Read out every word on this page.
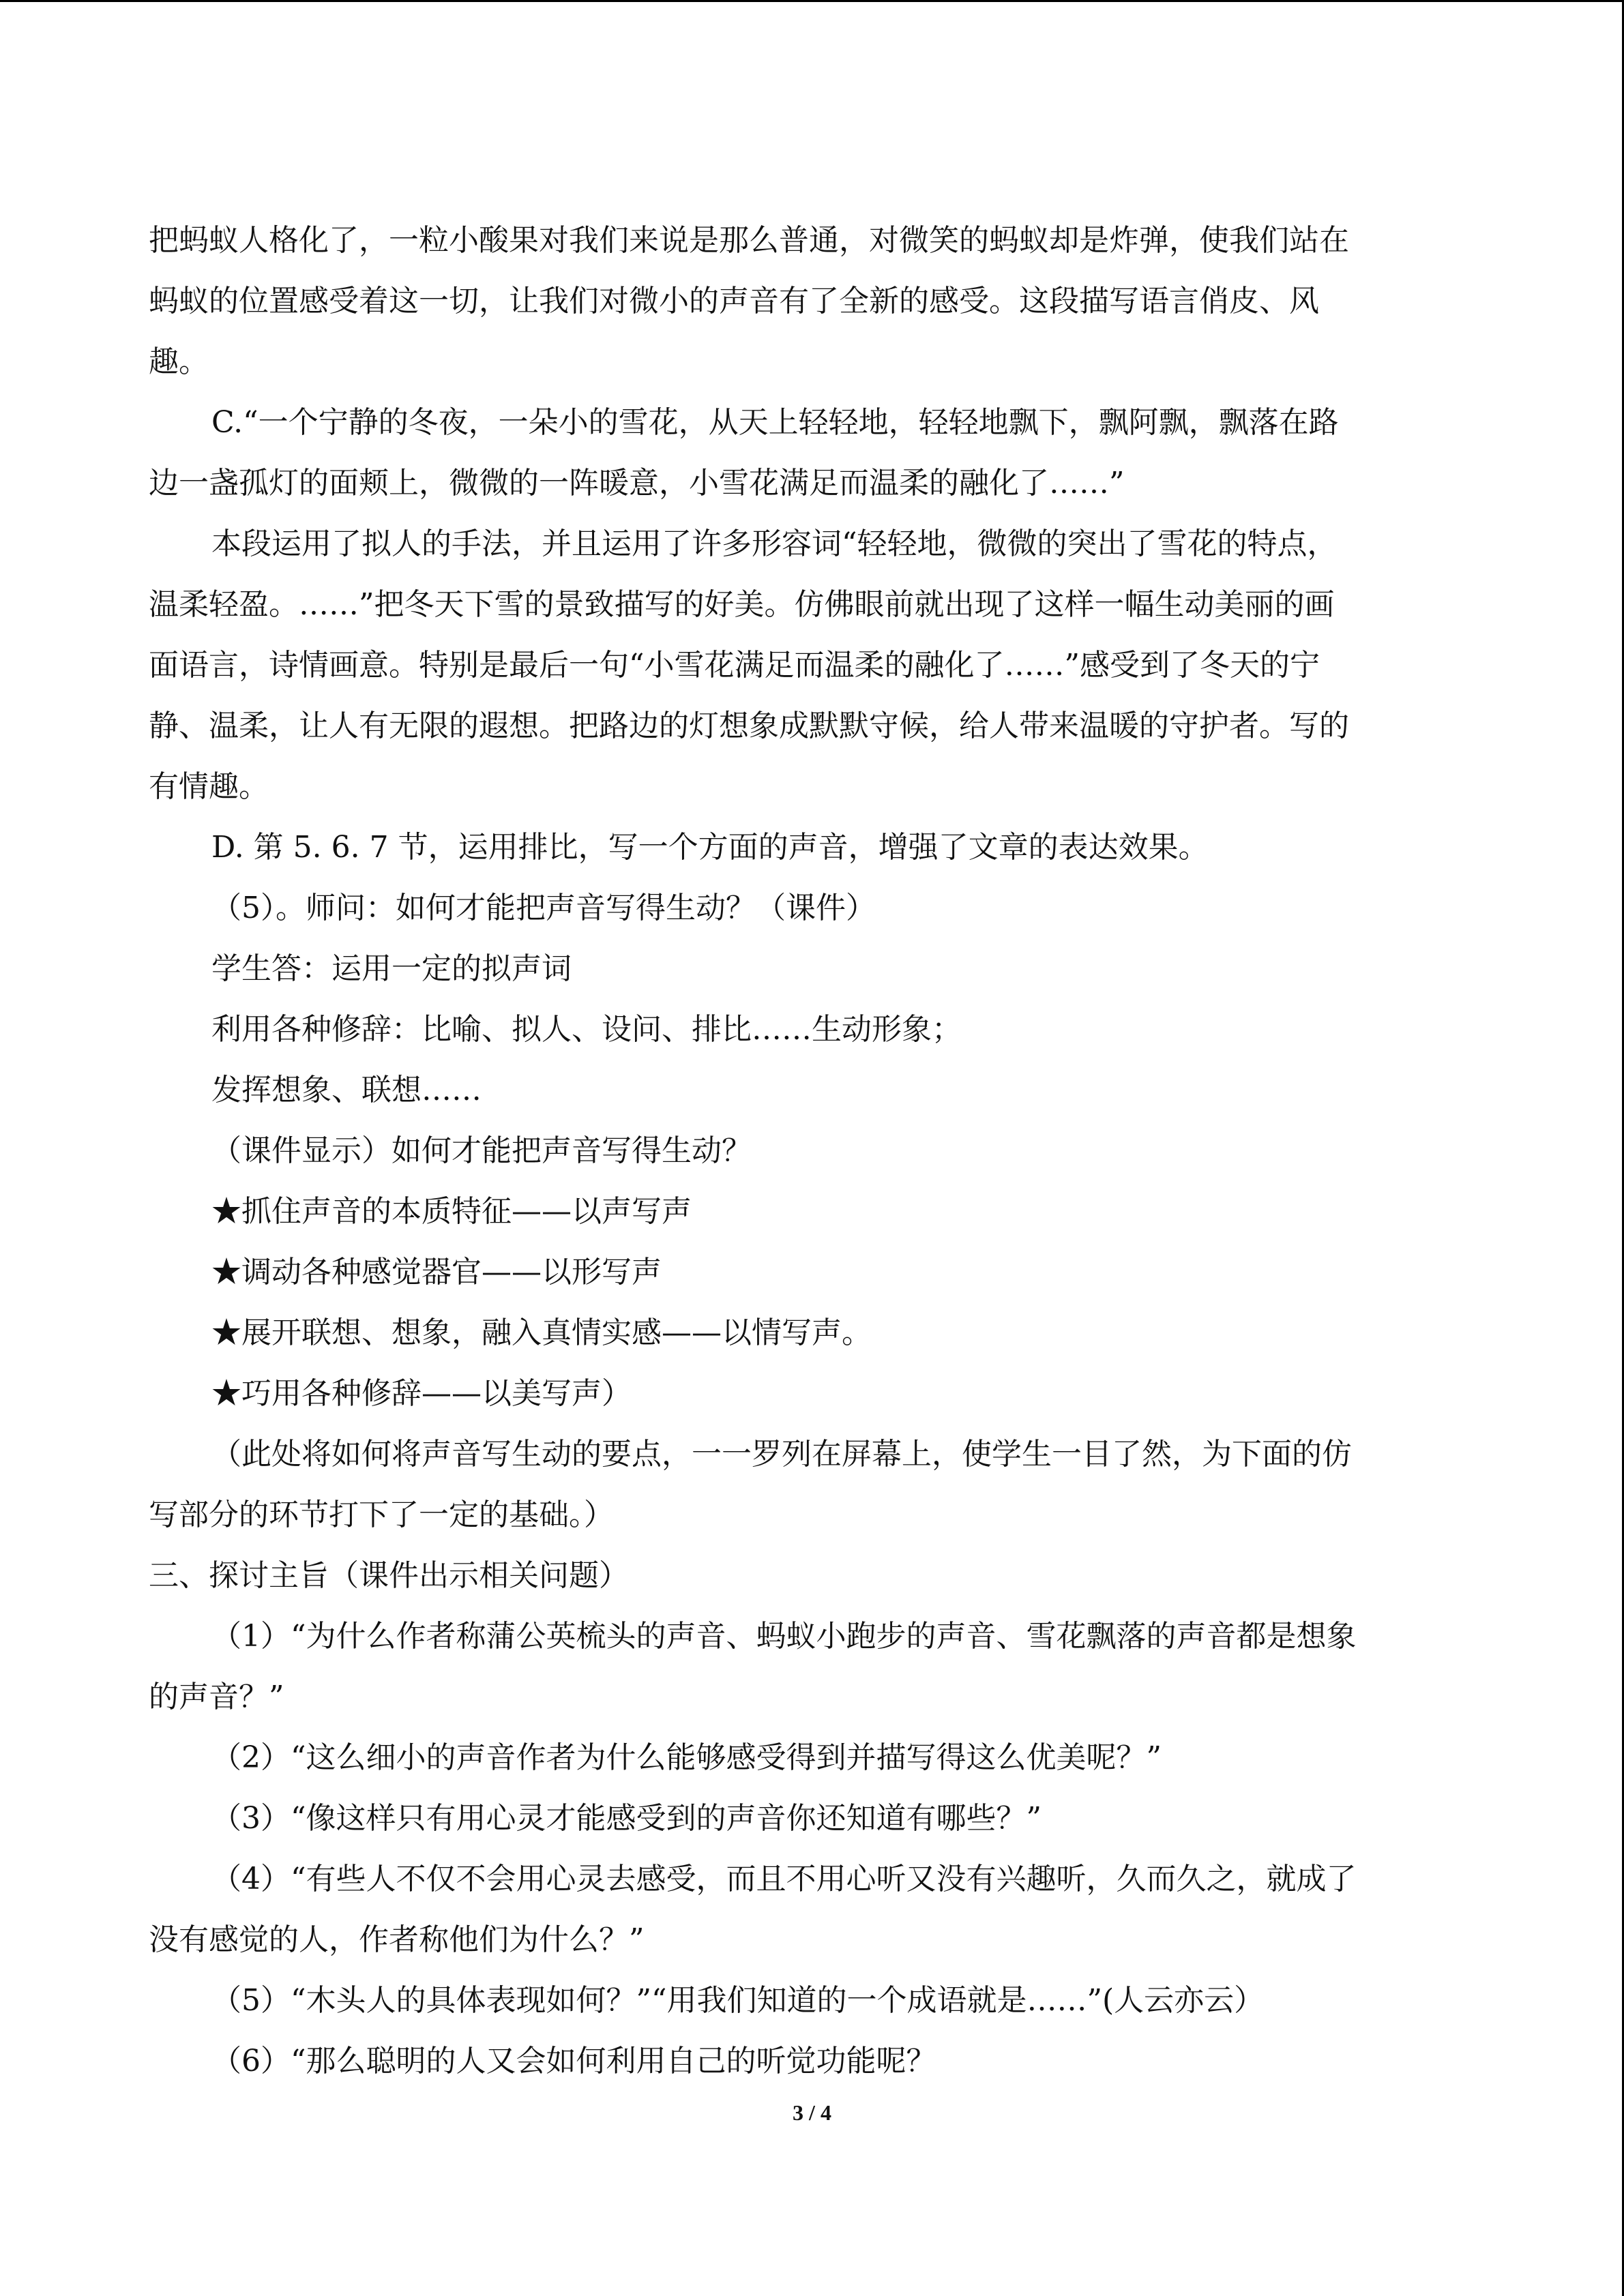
把蚂蚁人格化了，一粒小酸果对我们来说是那么普通，对微笑的蚂蚁却是炸弹，使我们站在
蚂蚁的位置感受着这一切，让我们对微小的声音有了全新的感受。这段描写语言俏皮、风
趣。
C.“一个宁静的冬夜，一朵小的雪花，从天上轻轻地，轻轻地飘下，飘阿飘，飘落在路
边一盏孤灯的面颊上，微微的一阵暖意，小雪花满足而温柔的融化了……”
本段运用了拟人的手法，并且运用了许多形容词“轻轻地，微微的突出了雪花的特点，
温柔轻盈。……”把冬天下雪的景致描写的好美。仿佛眼前就出现了这样一幅生动美丽的画
面语言，诗情画意。特别是最后一句“小雪花满足而温柔的融化了……”感受到了冬天的宁
静、温柔，让人有无限的遐想。把路边的灯想象成默默守候，给人带来温暖的守护者。写的
有情趣。
D. 第 5. 6. 7 节，运用排比，写一个方面的声音，增强了文章的表达效果。
（5）。师问：如何才能把声音写得生动？（课件）
学生答：运用一定的拟声词
利用各种修辞：比喻、拟人、设问、排比……生动形象；
发挥想象、联想……
（课件显示）如何才能把声音写得生动？
★抓住声音的本质特征——以声写声
★调动各种感觉器官——以形写声
★展开联想、想象，融入真情实感——以情写声。
★巧用各种修辞——以美写声）
（此处将如何将声音写生动的要点，一一罗列在屏幕上，使学生一目了然，为下面的仿
写部分的环节打下了一定的基础。）
三、探讨主旨（课件出示相关问题）
（1）“为什么作者称蒲公英梳头的声音、蚂蚁小跑步的声音、雪花飘落的声音都是想象
的声音？”
（2）“这么细小的声音作者为什么能够感受得到并描写得这么优美呢？”
（3）“像这样只有用心灵才能感受到的声音你还知道有哪些？”
（4）“有些人不仅不会用心灵去感受，而且不用心听又没有兴趣听，久而久之，就成了
没有感觉的人，作者称他们为什么？”
（5）“木头人的具体表现如何？”“用我们知道的一个成语就是……”(人云亦云）
（6）“那么聪明的人又会如何利用自己的听觉功能呢？
3 / 4
